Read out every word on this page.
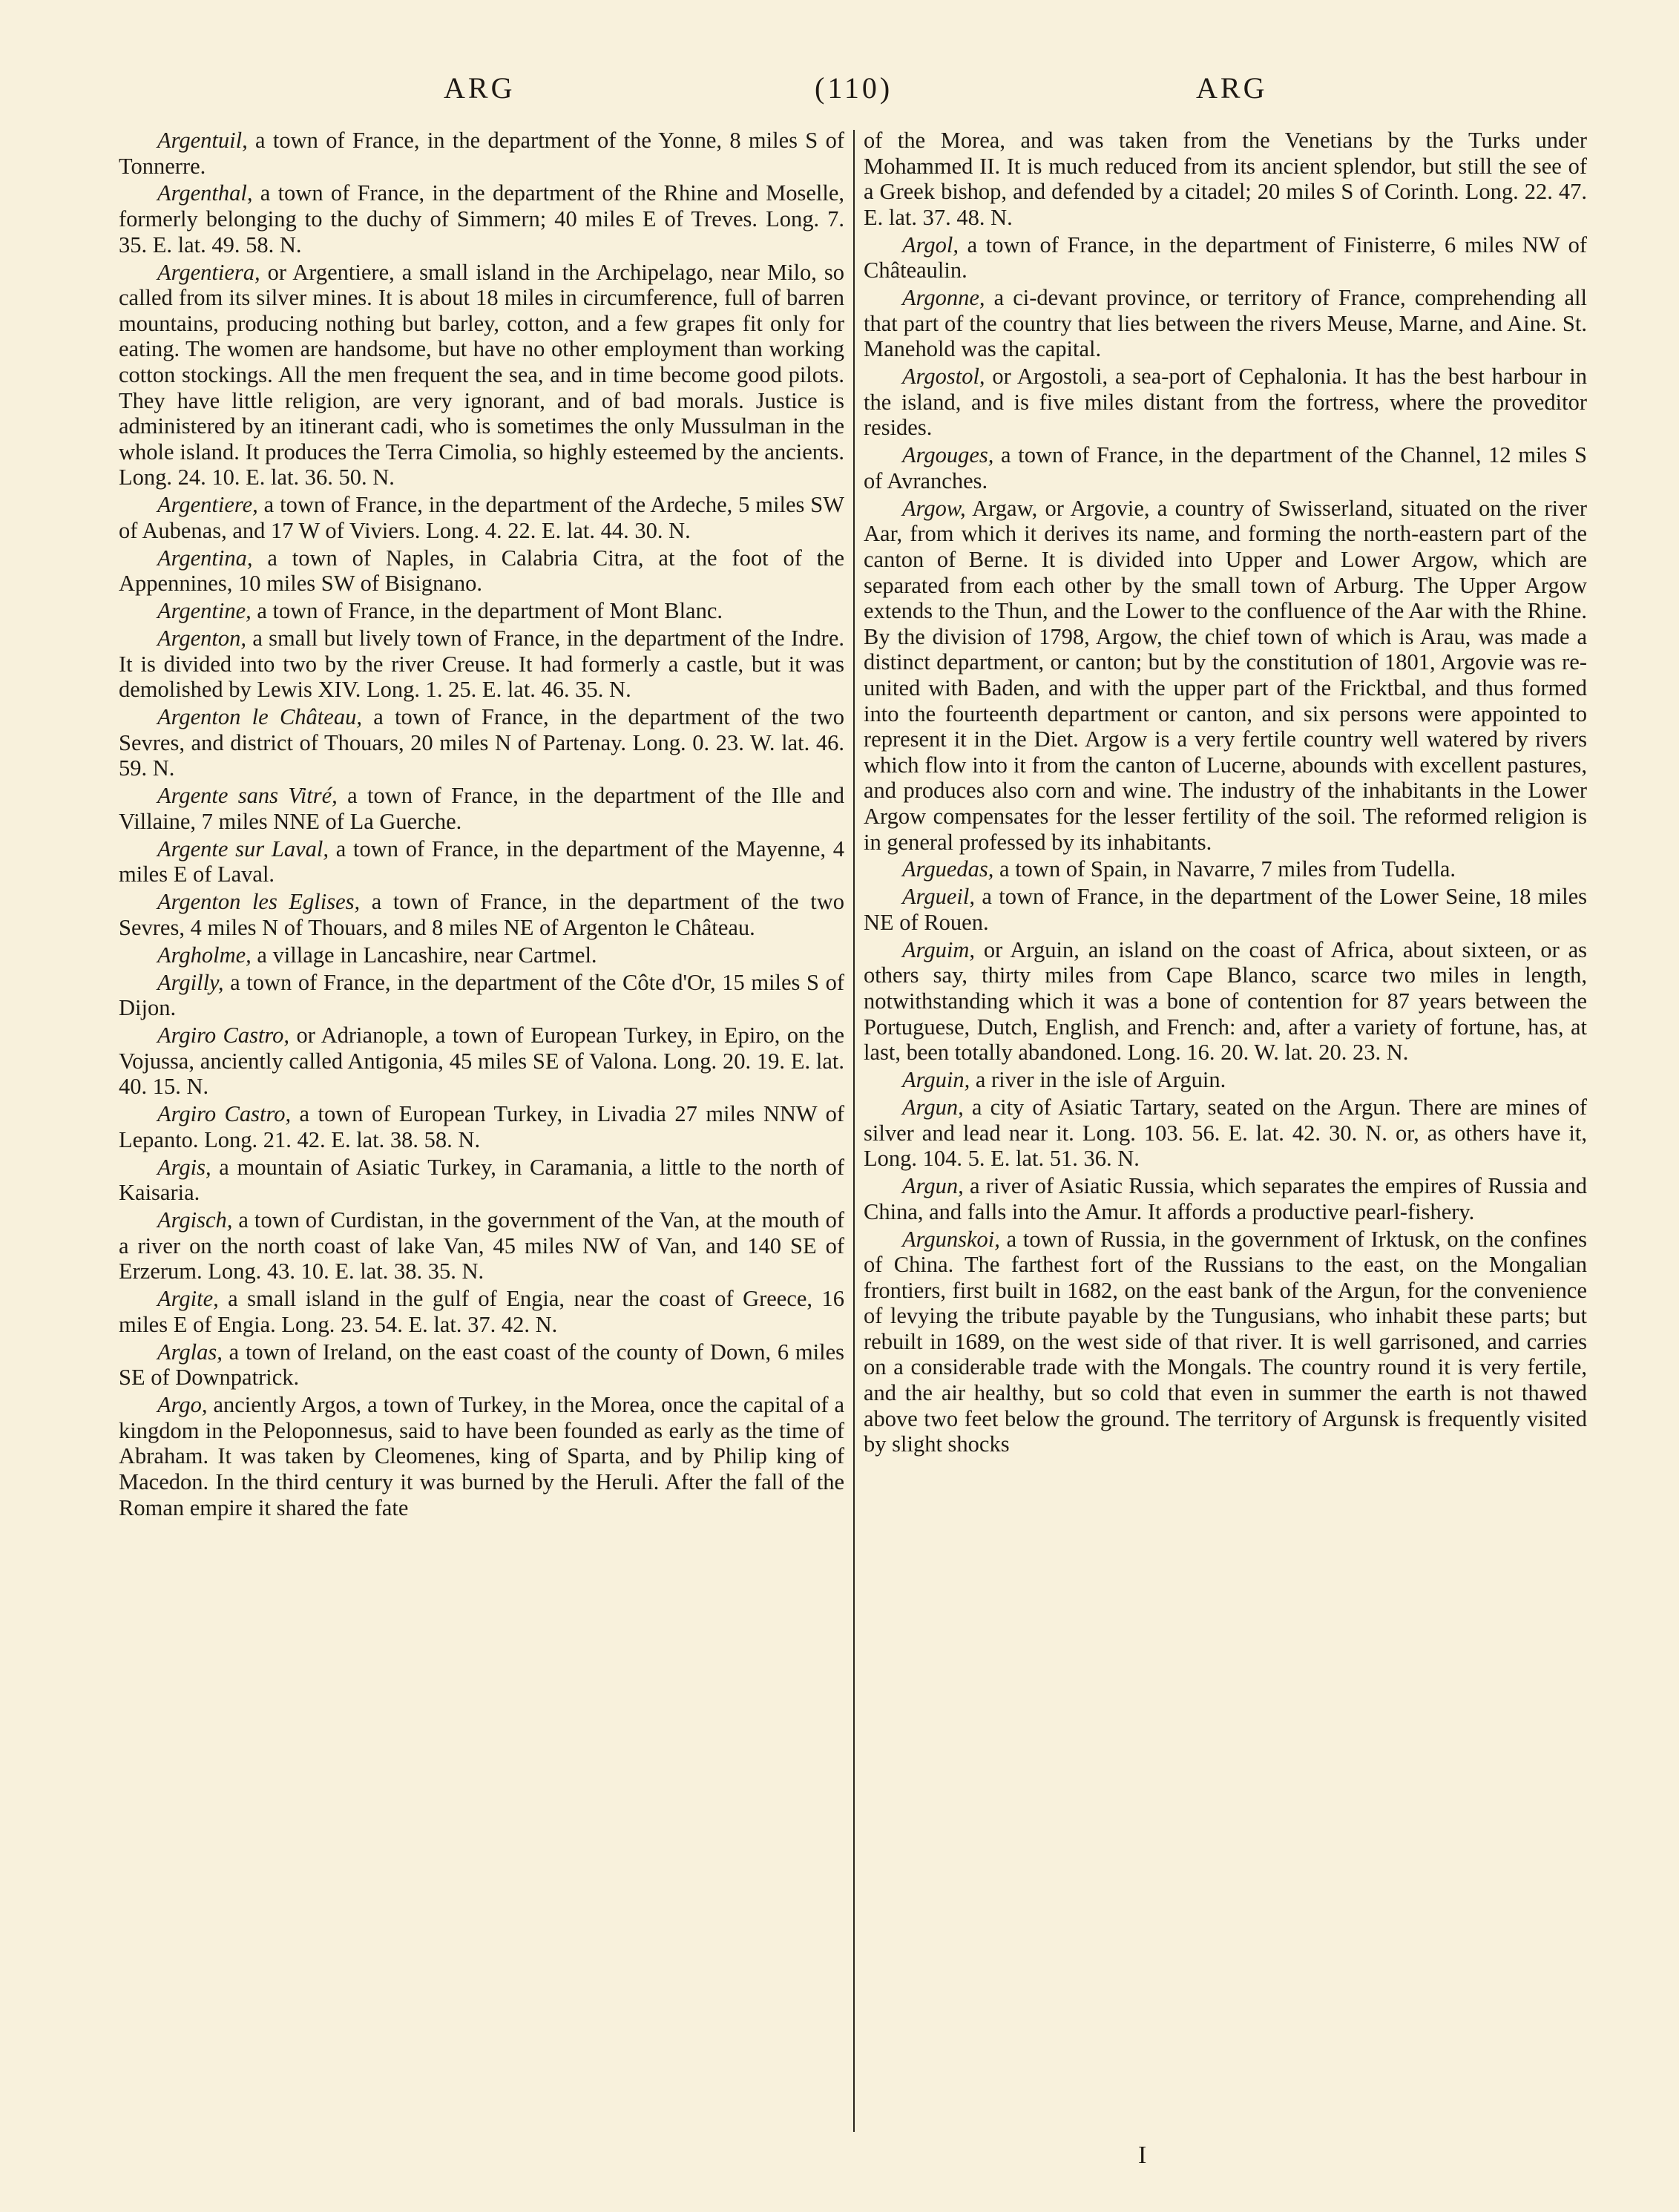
ARG	(110)	ARG

Argentuil, a town of France, in the department of the Yonne, 8 miles S of Tonnerre.

Argenthal, a town of France, in the department of the Rhine and Moselle, formerly belonging to the duchy of Simmern; 40 miles E of Treves. Long. 7. 35. E. lat. 49. 58. N.

Argentiera, or Argentiere, a small island in the Archipelago, near Milo, so called from its silver mines. It is about 18 miles in circumference, full of barren mountains, producing nothing but barley, cotton, and a few grapes fit only for eating. The women are handsome, but have no other employment than working cotton stockings. All the men frequent the sea, and in time become good pilots. They have little religion, are very ignorant, and of bad morals. Justice is administered by an itinerant cadi, who is sometimes the only Mussulman in the whole island. It produces the Terra Cimolia, so highly esteemed by the ancients. Long. 24. 10. E. lat. 36. 50. N.

Argentiere, a town of France, in the department of the Ardeche, 5 miles SW of Aubenas, and 17 W of Viviers. Long. 4. 22. E. lat. 44. 30. N.

Argentina, a town of Naples, in Calabria Citra, at the foot of the Appennines, 10 miles SW of Bisignano.

Argentine, a town of France, in the department of Mont Blanc.

Argenton, a small but lively town of France, in the department of the Indre. It is divided into two by the river Creuse. It had formerly a castle, but it was demolished by Lewis XIV. Long. 1. 25. E. lat. 46. 35. N.

Argenton le Château, a town of France, in the department of the two Sevres, and district of Thouars, 20 miles N of Partenay. Long. 0. 23. W. lat. 46. 59. N.

Argente sans Vitré, a town of France, in the department of the Ille and Villaine, 7 miles NNE of La Guerche.

Argente sur Laval, a town of France, in the department of the Mayenne, 4 miles E of Laval.

Argenton les Eglises, a town of France, in the department of the two Sevres, 4 miles N of Thouars, and 8 miles NE of Argenton le Château.

Argholme, a village in Lancashire, near Cartmel.

Argilly, a town of France, in the department of the Côte d'Or, 15 miles S of Dijon.

Argiro Castro, or Adrianople, a town of European Turkey, in Epiro, on the Vojussa, anciently called Antigonia, 45 miles SE of Valona. Long. 20. 19. E. lat. 40. 15. N.

Argiro Castro, a town of European Turkey, in Livadia 27 miles NNW of Lepanto. Long. 21. 42. E. lat. 38. 58. N.

Argis, a mountain of Asiatic Turkey, in Caramania, a little to the north of Kaisaria.

Argisch, a town of Curdistan, in the government of the Van, at the mouth of a river on the north coast of lake Van, 45 miles NW of Van, and 140 SE of Erzerum. Long. 43. 10. E. lat. 38. 35. N.

Argite, a small island in the gulf of Engia, near the coast of Greece, 16 miles E of Engia. Long. 23. 54. E. lat. 37. 42. N.

Arglas, a town of Ireland, on the east coast of the county of Down, 6 miles SE of Downpatrick.

Argo, anciently Argos, a town of Turkey, in the Morea, once the capital of a kingdom in the Peloponnesus, said to have been founded as early as the time of Abraham. It was taken by Cleomenes, king of Sparta, and by Philip king of Macedon. In the third century it was burned by the Heruli. After the fall of the Roman empire it shared the fate

of the Morea, and was taken from the Venetians by the Turks under Mohammed II. It is much reduced from its ancient splendor, but still the see of a Greek bishop, and defended by a citadel; 20 miles S of Corinth. Long. 22. 47. E. lat. 37. 48. N.

Argol, a town of France, in the department of Finisterre, 6 miles NW of Châteaulin.

Argonne, a ci-devant province, or territory of France, comprehending all that part of the country that lies between the rivers Meuse, Marne, and Aine. St. Manehold was the capital.

Argostol, or Argostoli, a sea-port of Cephalonia. It has the best harbour in the island, and is five miles distant from the fortress, where the proveditor resides.

Argouges, a town of France, in the department of the Channel, 12 miles S of Avranches.

Argow, Argaw, or Argovie, a country of Swisserland, situated on the river Aar, from which it derives its name, and forming the north-eastern part of the canton of Berne. It is divided into Upper and Lower Argow, which are separated from each other by the small town of Arburg. The Upper Argow extends to the Thun, and the Lower to the confluence of the Aar with the Rhine. By the division of 1798, Argow, the chief town of which is Arau, was made a distinct department, or canton; but by the constitution of 1801, Argovie was re-united with Baden, and with the upper part of the Fricktbal, and thus formed into the fourteenth department or canton, and six persons were appointed to represent it in the Diet. Argow is a very fertile country well watered by rivers which flow into it from the canton of Lucerne, abounds with excellent pastures, and produces also corn and wine. The industry of the inhabitants in the Lower Argow compensates for the lesser fertility of the soil. The reformed religion is in general professed by its inhabitants.

Arguedas, a town of Spain, in Navarre, 7 miles from Tudella.

Argueil, a town of France, in the department of the Lower Seine, 18 miles NE of Rouen.

Arguim, or Arguin, an island on the coast of Africa, about sixteen, or as others say, thirty miles from Cape Blanco, scarce two miles in length, notwithstanding which it was a bone of contention for 87 years between the Portuguese, Dutch, English, and French: and, after a variety of fortune, has, at last, been totally abandoned. Long. 16. 20. W. lat. 20. 23. N.

Arguin, a river in the isle of Arguin.

Argun, a city of Asiatic Tartary, seated on the Argun. There are mines of silver and lead near it. Long. 103. 56. E. lat. 42. 30. N. or, as others have it, Long. 104. 5. E. lat. 51. 36. N.

Argun, a river of Asiatic Russia, which separates the empires of Russia and China, and falls into the Amur. It affords a productive pearl-fishery.

Argunskoi, a town of Russia, in the government of Irktusk, on the confines of China. The farthest fort of the Russians to the east, on the Mongalian frontiers, first built in 1682, on the east bank of the Argun, for the convenience of levying the tribute payable by the Tungusians, who inhabit these parts; but rebuilt in 1689, on the west side of that river. It is well garrisoned, and carries on a considerable trade with the Mongals. The country round it is very fertile, and the air healthy, but so cold that even in summer the earth is not thawed above two feet below the ground. The territory of Argunsk is frequently visited by slight shocks

I
